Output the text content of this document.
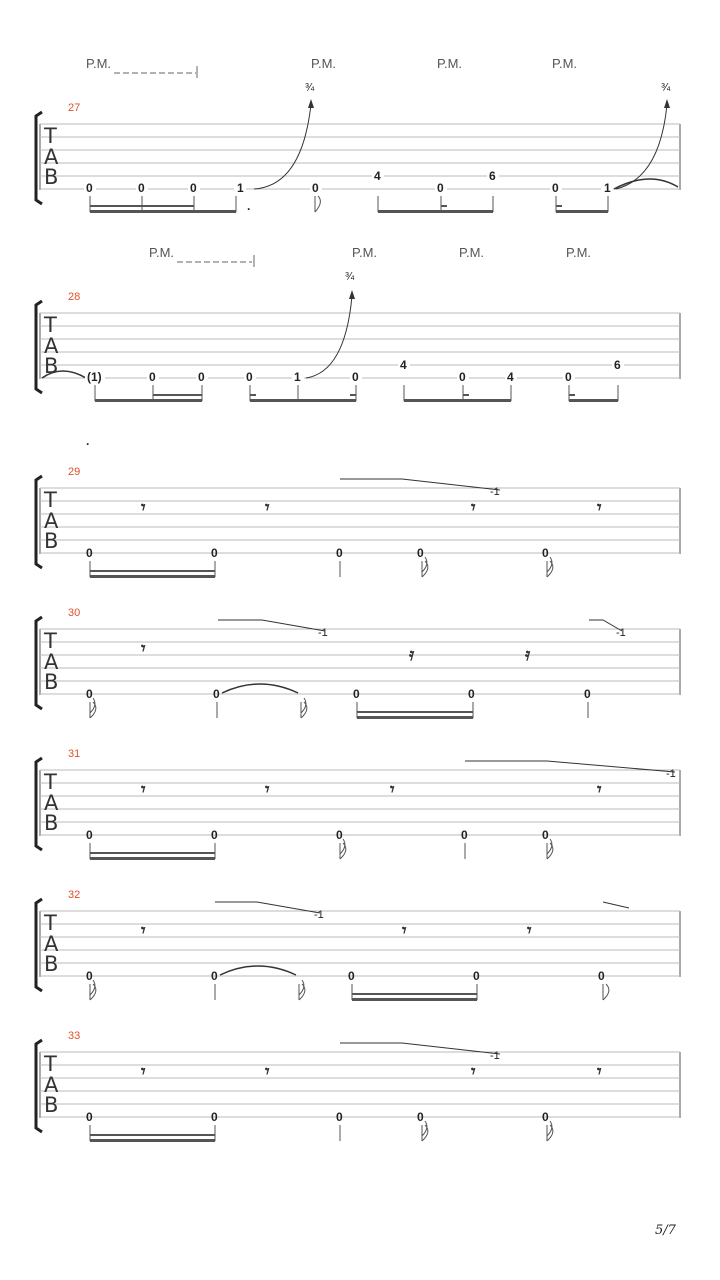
P.M.	P.M.	P.M.	P.M.
¾	¾
T
A
B
27
0	0	0	1	0
4
0
6
0	1
.
P.M.	P.M.	P.M.	P.M.
¾
T
A
B
28
(1)	0	0	0	1	0
4
0	4	0
6
.
T
A
B
29
-1
𝄾	𝄾	𝄾	𝄾
0	0	0	0	0
T
A
B
30
-1	-1
𝄾	𝄿	𝄿
0	0	0	0	0
T
A
B
31
-1
𝄾	𝄾	𝄾	𝄾
0	0	0	0	0
T
A
B
32
-1
𝄾	𝄾	𝄾
0	0	0	0	0
T
A
B
33
-1
𝄾	𝄾	𝄾	𝄾
0	0	0	0	0
5/7
